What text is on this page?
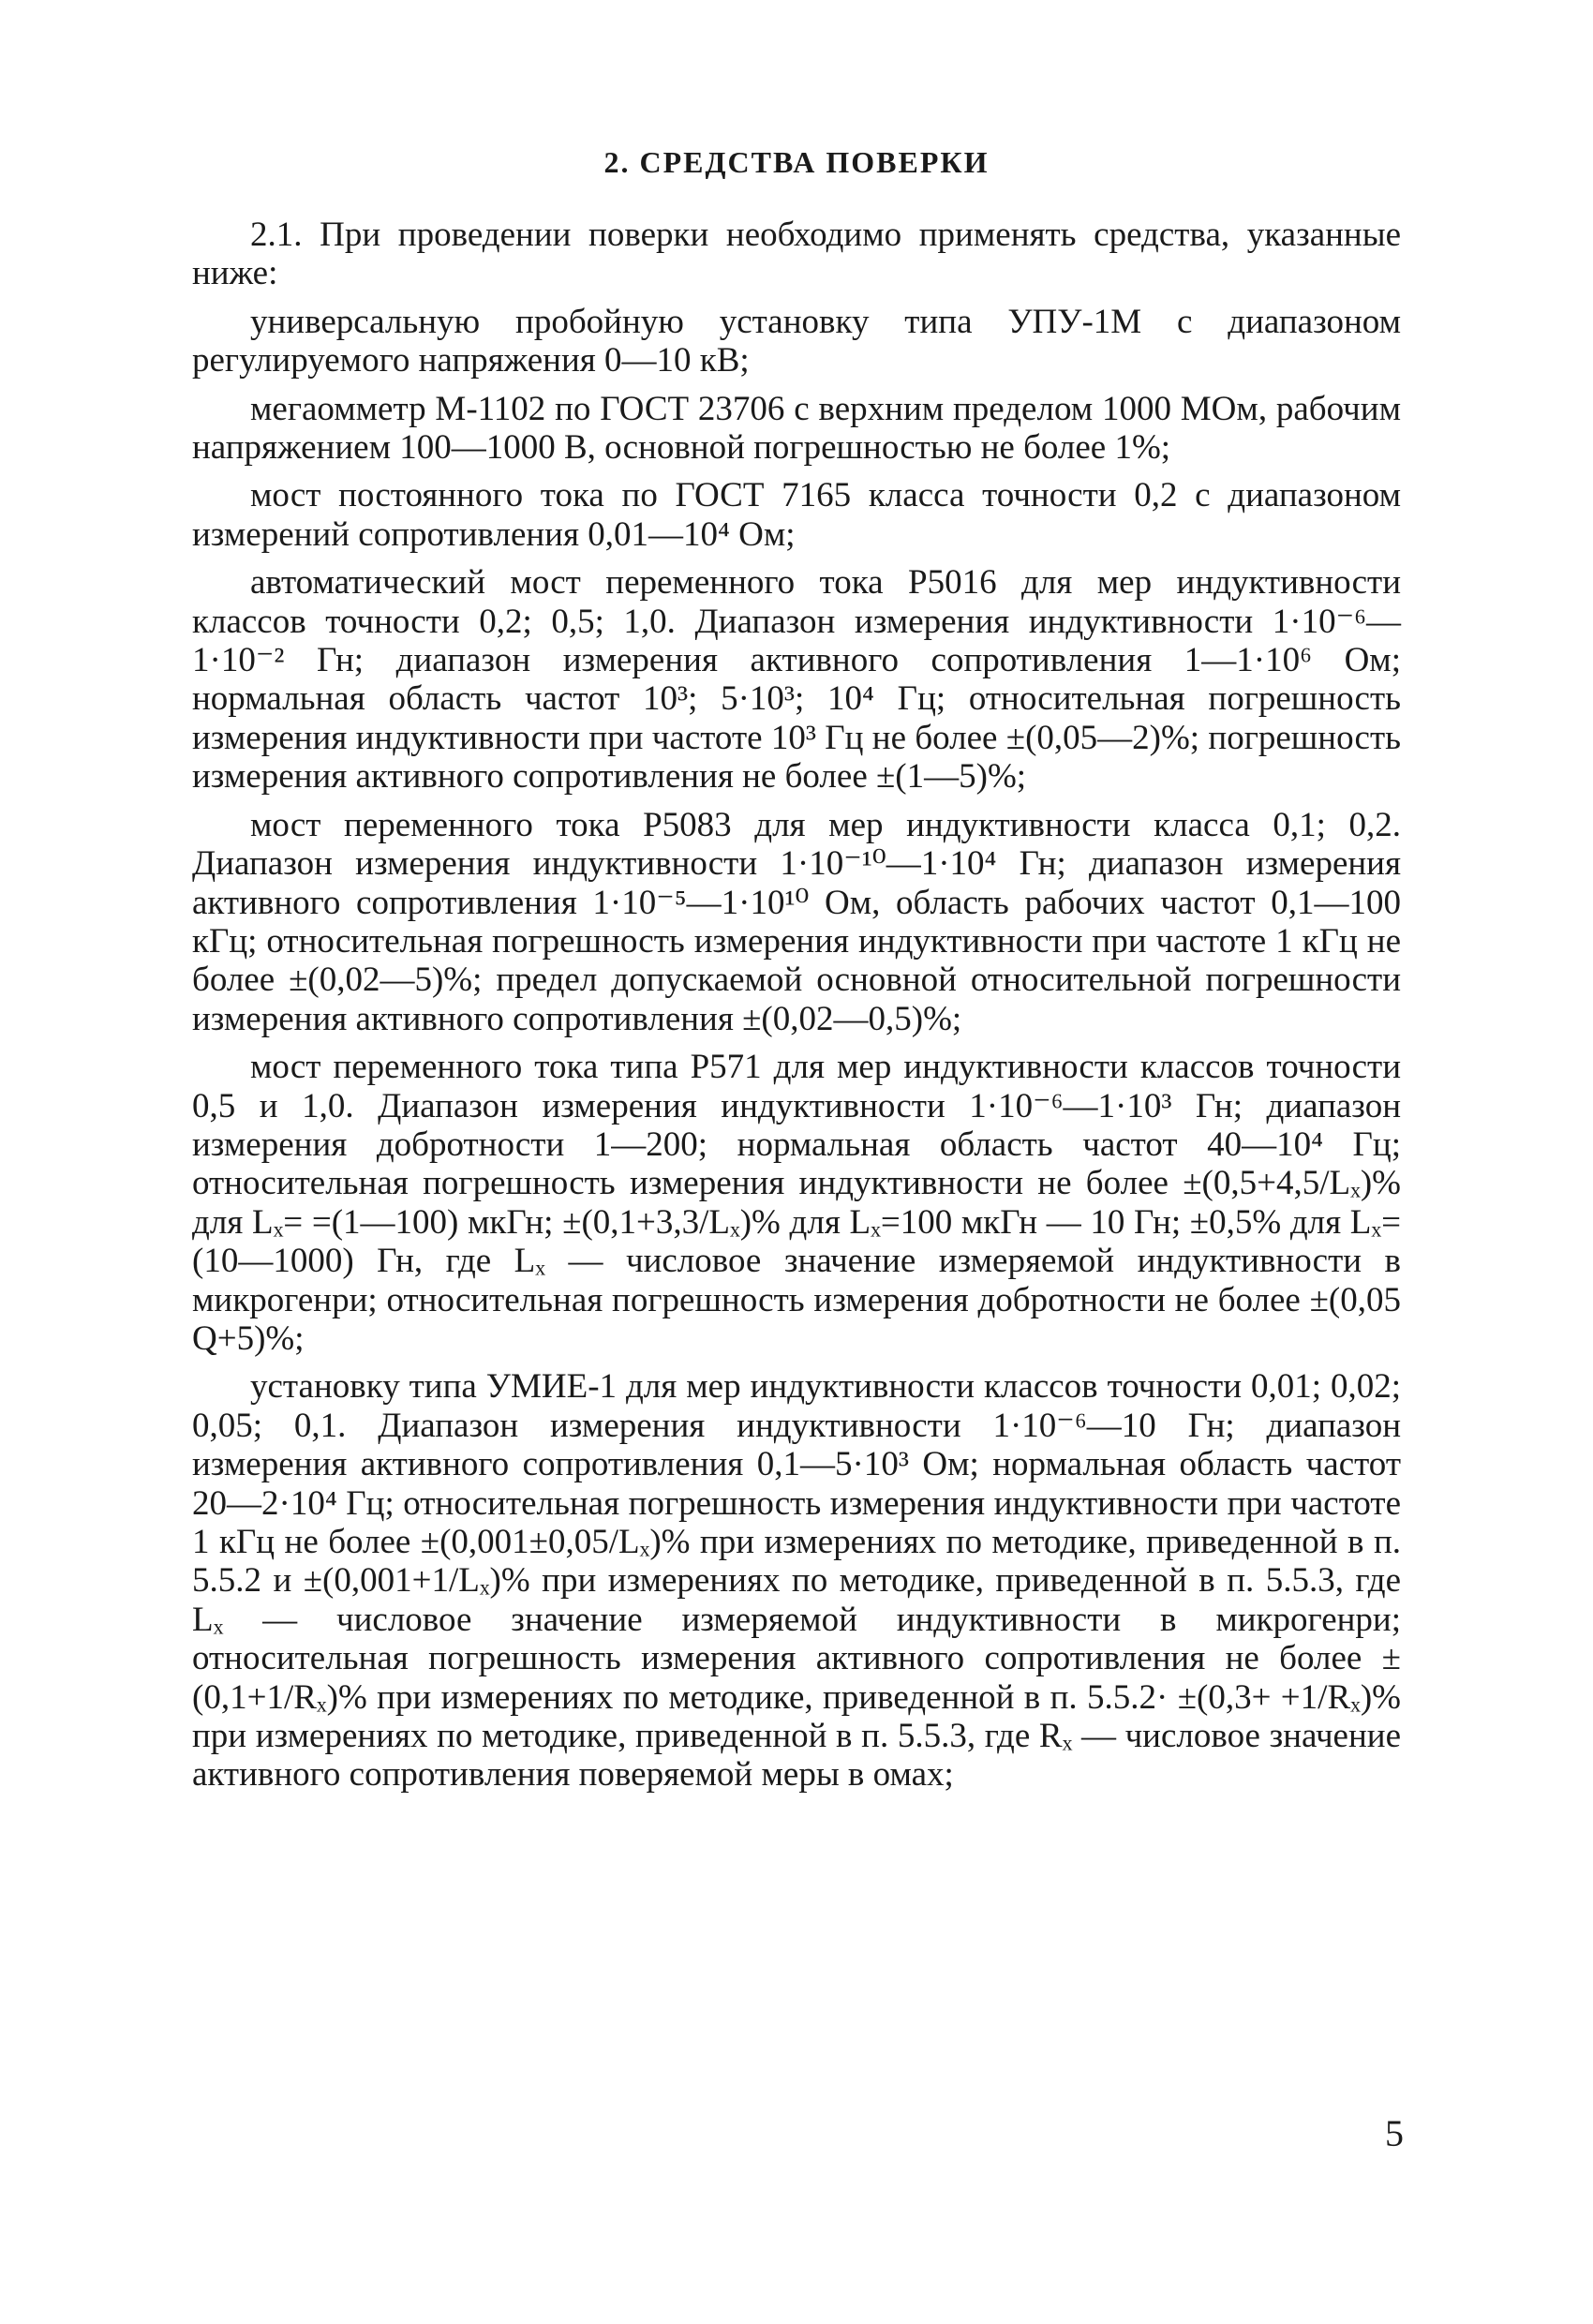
2. СРЕДСТВА ПОВЕРКИ

2.1. При проведении поверки необходимо применять средства, указанные ниже:

универсальную пробойную установку типа УПУ-1М с диапазоном регулируемого напряжения 0—10 кВ;

мегаомметр М-1102 по ГОСТ 23706 с верхним пределом 1000 МОм, рабочим напряжением 100—1000 В, основной погрешностью не более 1%;

мост постоянного тока по ГОСТ 7165 класса точности 0,2 с диапазоном измерений сопротивления 0,01—10⁴ Ом;

автоматический мост переменного тока Р5016 для мер индуктивности классов точности 0,2; 0,5; 1,0. Диапазон измерения индуктивности 1·10⁻⁶—1·10⁻² Гн; диапазон измерения активного сопротивления 1—1·10⁶ Ом; нормальная область частот 10³; 5·10³; 10⁴ Гц; относительная погрешность измерения индуктивности при частоте 10³ Гц не более ±(0,05—2)%; погрешность измерения активного сопротивления не более ±(1—5)%;

мост переменного тока Р5083 для мер индуктивности класса 0,1; 0,2. Диапазон измерения индуктивности 1·10⁻¹⁰—1·10⁴ Гн; диапазон измерения активного сопротивления 1·10⁻⁵—1·10¹⁰ Ом, область рабочих частот 0,1—100 кГц; относительная погрешность измерения индуктивности при частоте 1 кГц не более ±(0,02—5)%; предел допускаемой основной относительной погрешности измерения активного сопротивления ±(0,02—0,5)%;

мост переменного тока типа Р571 для мер индуктивности классов точности 0,5 и 1,0. Диапазон измерения индуктивности 1·10⁻⁶—1·10³ Гн; диапазон измерения добротности 1—200; нормальная область частот 40—10⁴ Гц; относительная погрешность измерения индуктивности не более ±(0,5+4,5/Lₓ)% для Lₓ= =(1—100) мкГн; ±(0,1+3,3/Lₓ)% для Lₓ=100 мкГн — 10 Гн; ±0,5% для Lₓ=(10—1000) Гн, где Lₓ — числовое значение измеряемой индуктивности в микрогенри; относительная погрешность измерения добротности не более ±(0,05 Q+5)%;

установку типа УМИЕ-1 для мер индуктивности классов точности 0,01; 0,02; 0,05; 0,1. Диапазон измерения индуктивности 1·10⁻⁶—10 Гн; диапазон измерения активного сопротивления 0,1—5·10³ Ом; нормальная область частот 20—2·10⁴ Гц; относительная погрешность измерения индуктивности при частоте 1 кГц не более ±(0,001±0,05/Lₓ)% при измерениях по методике, приведенной в п. 5.5.2 и ±(0,001+1/Lₓ)% при измерениях по методике, приведенной в п. 5.5.3, где Lₓ — числовое значение измеряемой индуктивности в микрогенри; относительная погрешность измерения активного сопротивления не более ±(0,1+1/Rₓ)% при измерениях по методике, приведенной в п. 5.5.2· ±(0,3+ +1/Rₓ)% при измерениях по методике, приведенной в п. 5.5.3, где Rₓ — числовое значение активного сопротивления поверяемой меры в омах;

5
